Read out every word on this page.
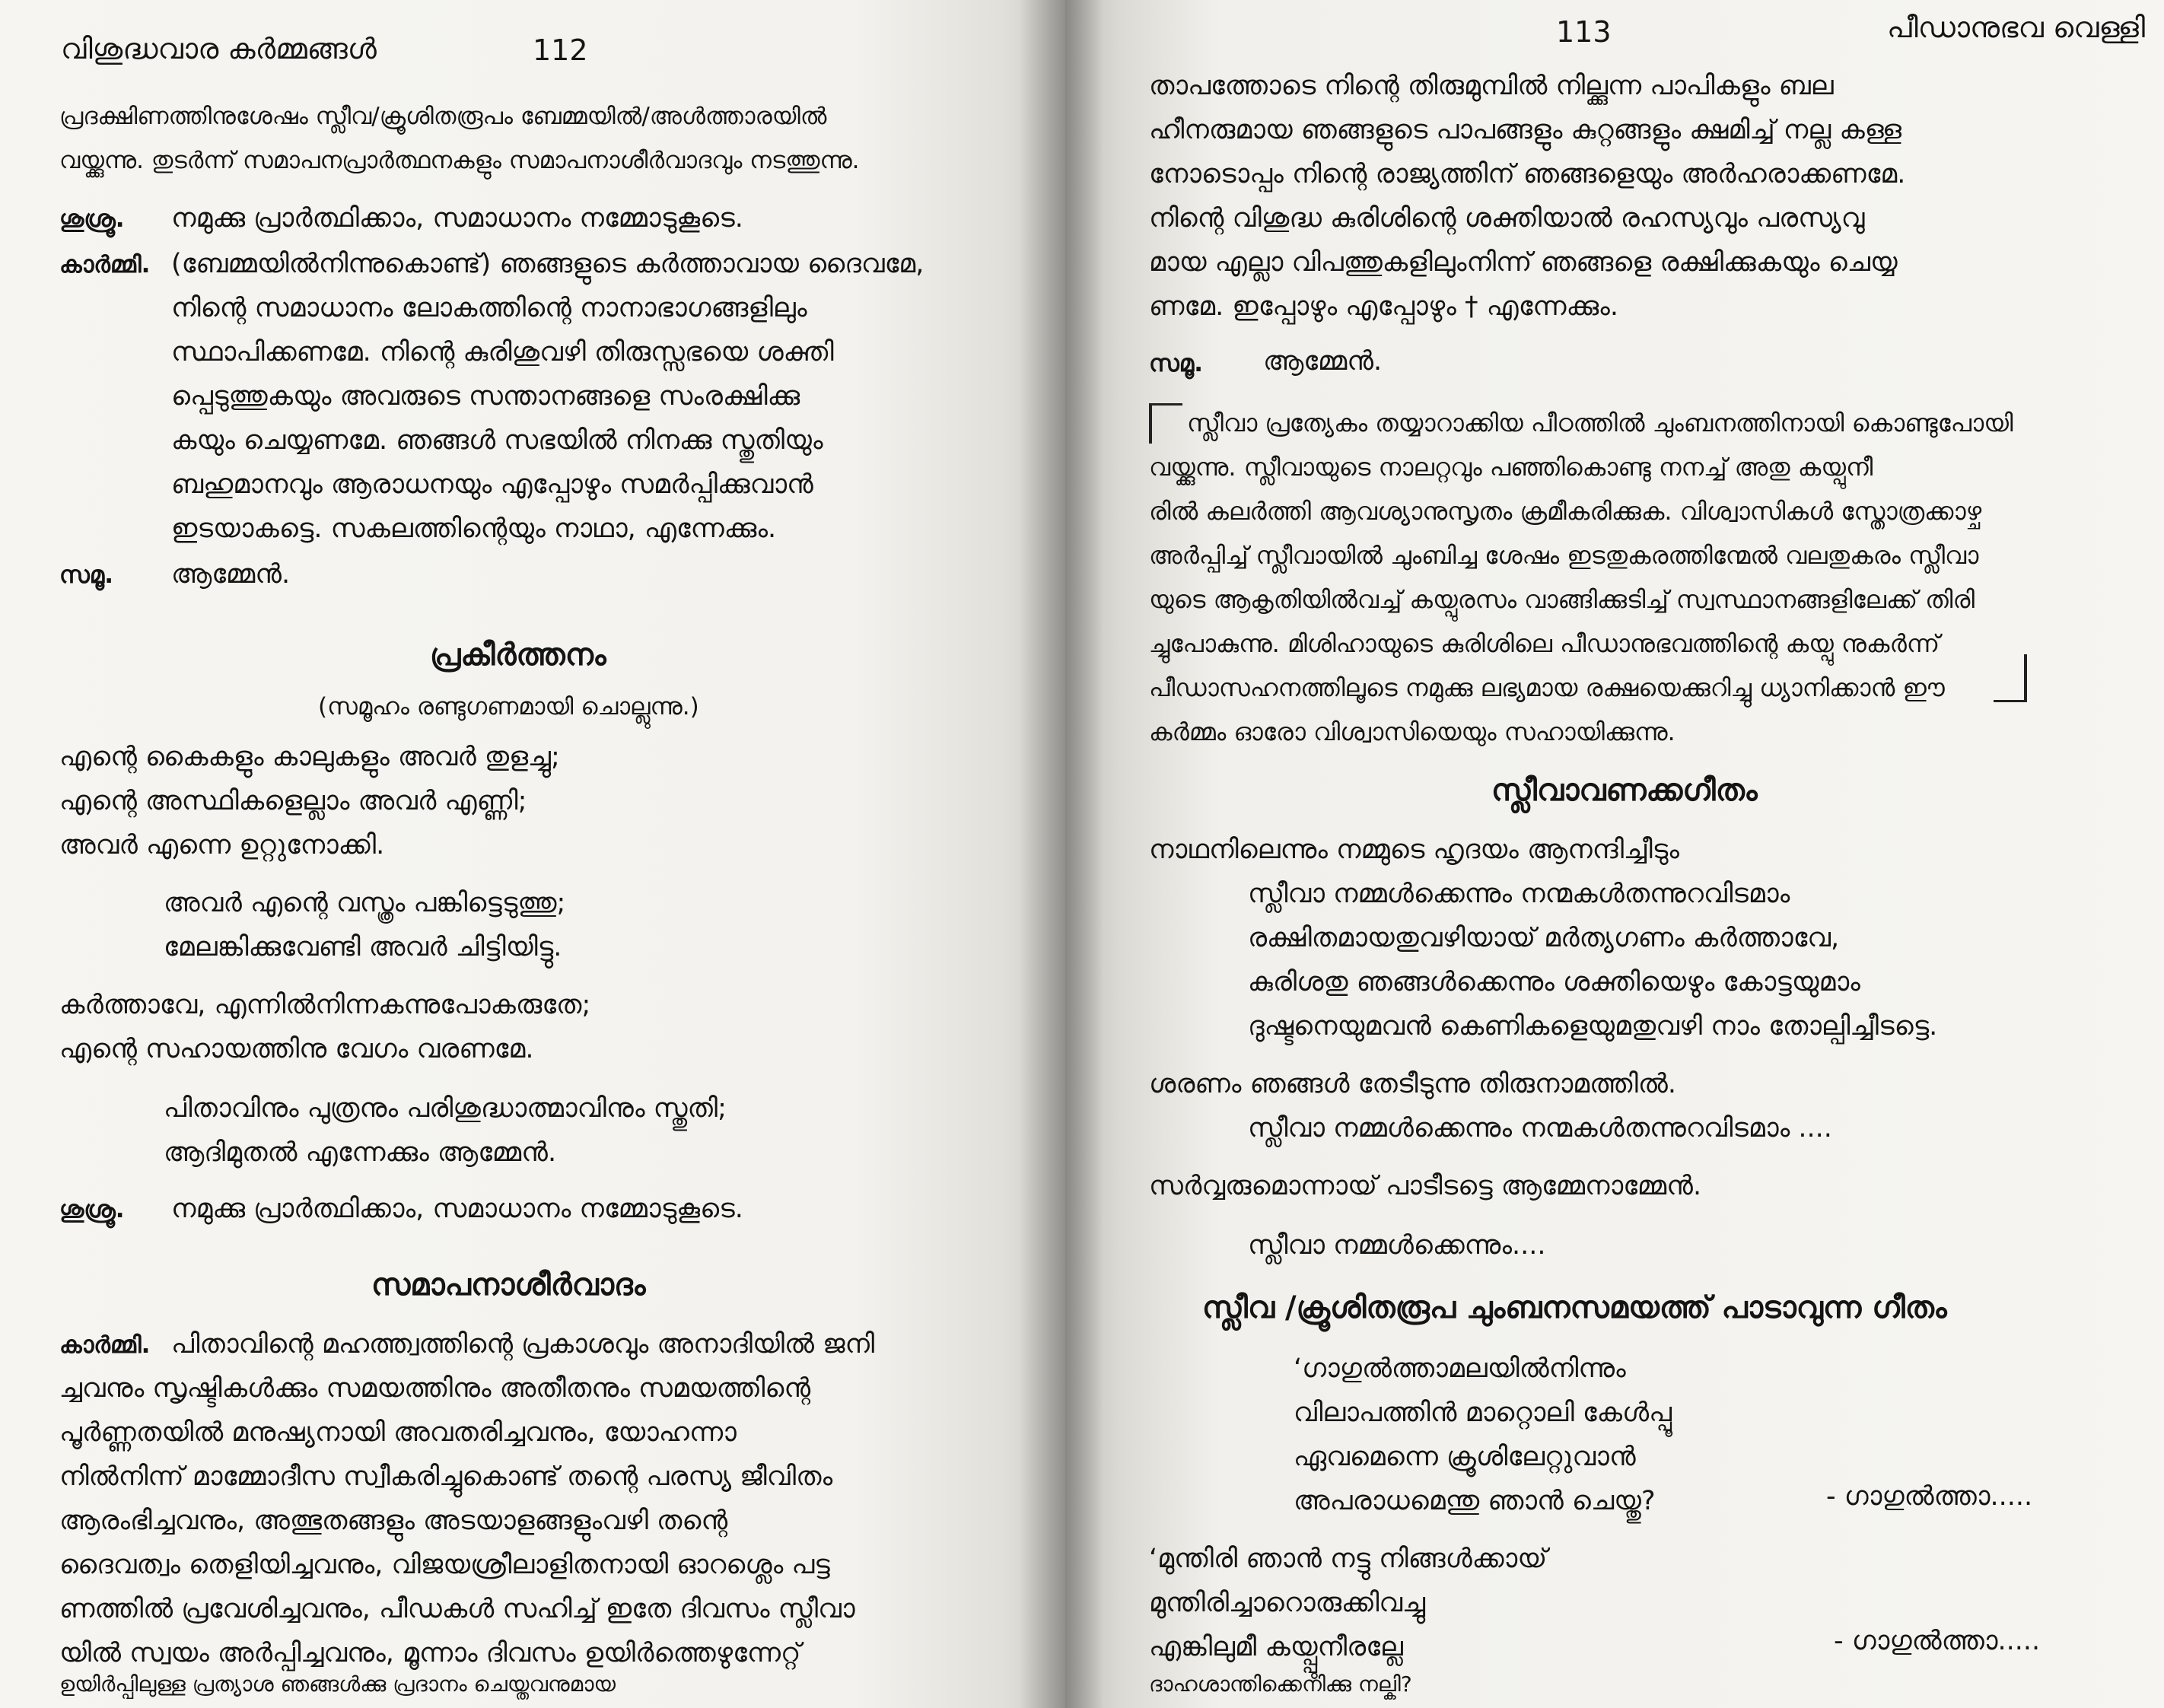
വിശുദ്ധവാര കർമ്മങ്ങൾ	112
പ്രദക്ഷിണത്തിനുശേഷം സ്ലീവ/ക്രൂശിതരൂപം ബേമ്മയിൽ/അൾത്താരയിൽ
വയ്ക്കുന്നു. തുടർന്ന് സമാപനപ്രാർത്ഥനകളും സമാപനാശീർവാദവും നടത്തുന്നു.
ശുശ്രൂ. നമുക്കു പ്രാർത്ഥിക്കാം, സമാധാനം നമ്മോടുകൂടെ.
കാർമ്മി. (ബേമ്മയിൽനിന്നുകൊണ്ട്) ഞങ്ങളുടെ കർത്താവായ ദൈവമേ,
നിന്റെ സമാധാനം ലോകത്തിന്റെ നാനാഭാഗങ്ങളിലും
സ്ഥാപിക്കണമേ. നിന്റെ കുരിശുവഴി തിരുസ്സഭയെ ശക്തി
പ്പെടുത്തുകയും അവരുടെ സന്താനങ്ങളെ സംരക്ഷിക്കു
കയും ചെയ്യണമേ. ഞങ്ങൾ സഭയിൽ നിനക്കു സ്തുതിയും
ബഹുമാനവും ആരാധനയും എപ്പോഴും സമർപ്പിക്കുവാൻ
ഇടയാകട്ടെ. സകലത്തിന്റെയും നാഥാ, എന്നേക്കും.
സമൂ. ആമ്മേൻ.
പ്രകീർത്തനം
(സമൂഹം രണ്ടുഗണമായി ചൊല്ലുന്നു.)
എന്റെ കൈകളും കാലുകളും അവർ തുളച്ചു;
എന്റെ അസ്ഥികളെല്ലാം അവർ എണ്ണി;
അവർ എന്നെ ഉറ്റുനോക്കി.
അവർ എന്റെ വസ്ത്രം പങ്കിട്ടെടുത്തു;
മേലങ്കിക്കുവേണ്ടി അവർ ചിട്ടിയിട്ടു.
കർത്താവേ, എന്നിൽനിന്നകന്നുപോകരുതേ;
എന്റെ സഹായത്തിനു വേഗം വരണമേ.
പിതാവിനും പുത്രനും പരിശുദ്ധാത്മാവിനും സ്തുതി;
ആദിമുതൽ എന്നേക്കും ആമ്മേൻ.
ശുശ്രൂ. നമുക്കു പ്രാർത്ഥിക്കാം, സമാധാനം നമ്മോടുകൂടെ.
സമാപനാശീർവാദം
കാർമ്മി. പിതാവിന്റെ മഹത്ത്വത്തിന്റെ പ്രകാശവും അനാദിയിൽ ജനി
ച്ചവനും സൃഷ്ടികൾക്കും സമയത്തിനും അതീതനും സമയത്തിന്റെ
പൂർണ്ണതയിൽ മനുഷ്യനായി അവതരിച്ചവനും, യോഹന്നാ
നിൽനിന്ന് മാമ്മോദീസ സ്വീകരിച്ചുകൊണ്ട് തന്റെ പരസ്യ ജീവിതം
ആരംഭിച്ചവനും, അത്ഭുതങ്ങളും അടയാളങ്ങളുംവഴി തന്റെ
ദൈവത്വം തെളിയിച്ചവനും, വിജയശ്രീലാളിതനായി ഓറശ്ലെം പട്ട
ണത്തിൽ പ്രവേശിച്ചവനും, പീഡകൾ സഹിച്ച് ഇതേ ദിവസം സ്ലീവാ
യിൽ സ്വയം അർപ്പിച്ചവനും, മൂന്നാം ദിവസം ഉയിർത്തെഴുന്നേറ്റ്
113	പീഡാനുഭവ വെള്ളി
താപത്തോടെ നിന്റെ തിരുമുമ്പിൽ നില്ക്കുന്ന പാപികളും ബല
ഹീനരുമായ ഞങ്ങളുടെ പാപങ്ങളും കുറ്റങ്ങളും ക്ഷമിച്ച് നല്ല കള്ള
നോടൊപ്പം നിന്റെ രാജ്യത്തിന് ഞങ്ങളെയും അർഹരാക്കണമേ.
നിന്റെ വിശുദ്ധ കുരിശിന്റെ ശക്തിയാൽ രഹസ്യവും പരസ്യവു
മായ എല്ലാ വിപത്തുകളിലുംനിന്ന് ഞങ്ങളെ രക്ഷിക്കുകയും ചെയ്യ
ണമേ. ഇപ്പോഴും എപ്പോഴും † എന്നേക്കും.
സമൂ. ആമ്മേൻ.
സ്ലീവാ പ്രത്യേകം തയ്യാറാക്കിയ പീഠത്തിൽ ചുംബനത്തിനായി കൊണ്ടുപോയി
വയ്ക്കുന്നു. സ്ലീവായുടെ നാലറ്റവും പഞ്ഞികൊണ്ടു നനച്ച് അതു കയ്പുനീ
രിൽ കലർത്തി ആവശ്യാനുസൃതം ക്രമീകരിക്കുക. വിശ്വാസികൾ സ്തോത്രക്കാഴ്ച
അർപ്പിച്ച് സ്ലീവായിൽ ചുംബിച്ച ശേഷം ഇടതുകരത്തിന്മേൽ വലതുകരം സ്ലീവാ
യുടെ ആകൃതിയിൽവച്ച് കയ്പുരസം വാങ്ങിക്കുടിച്ച് സ്വസ്ഥാനങ്ങളിലേക്ക് തിരി
ച്ചുപോകുന്നു. മിശിഹായുടെ കുരിശിലെ പീഡാനുഭവത്തിന്റെ കയ്പു നുകർന്ന്
പീഡാസഹനത്തിലൂടെ നമുക്കു ലഭ്യമായ രക്ഷയെക്കുറിച്ചു ധ്യാനിക്കാൻ ഈ
കർമ്മം ഓരോ വിശ്വാസിയെയും സഹായിക്കുന്നു.
സ്ലീവാവണക്കഗീതം
നാഥനിലെന്നും നമ്മുടെ ഹൃദയം ആനന്ദിച്ചീടും
സ്ലീവാ നമ്മൾക്കെന്നും നന്മകൾതന്നുറവിടമാം
രക്ഷിതമായതുവഴിയായ് മർത്യഗണം കർത്താവേ,
കുരിശതു ഞങ്ങൾക്കെന്നും ശക്തിയെഴും കോട്ടയുമാം
ദുഷ്ടനെയുമവൻ കെണികളെയുമതുവഴി നാം തോല്പിച്ചീടട്ടെ.
ശരണം ഞങ്ങൾ തേടീടുന്നു തിരുനാമത്തിൽ.
സ്ലീവാ നമ്മൾക്കെന്നും നന്മകൾതന്നുറവിടമാം ....
സർവ്വരുമൊന്നായ് പാടീടട്ടെ ആമ്മേനാമ്മേൻ.
സ്ലീവാ നമ്മൾക്കെന്നും....
സ്ലീവ /ക്രൂശിതരൂപ ചുംബനസമയത്ത് പാടാവുന്ന ഗീതം
‘ഗാഗുൽത്താമലയിൽനിന്നും
വിലാപത്തിൻ മാറ്റൊലി കേൾപ്പൂ
ഏവമെന്നെ ക്രൂശിലേറ്റുവാൻ
അപരാധമെന്തു ഞാൻ ചെയ്തു?	- ഗാഗുൽത്താ.....
‘മുന്തിരി ഞാൻ നട്ടു നിങ്ങൾക്കായ്
മുന്തിരിച്ചാറൊരുക്കിവച്ചു
എങ്കിലുമീ കയ്പ്പുനീരല്ലേ	- ഗാഗുൽത്താ.....
ഉയിർപ്പിലുള്ള പ്രത്യാശ ഞങ്ങൾക്കു പ്രദാനം ചെയ്തവനുമായ	ദാഹശാന്തിക്കെനിക്കു നല്കി?
